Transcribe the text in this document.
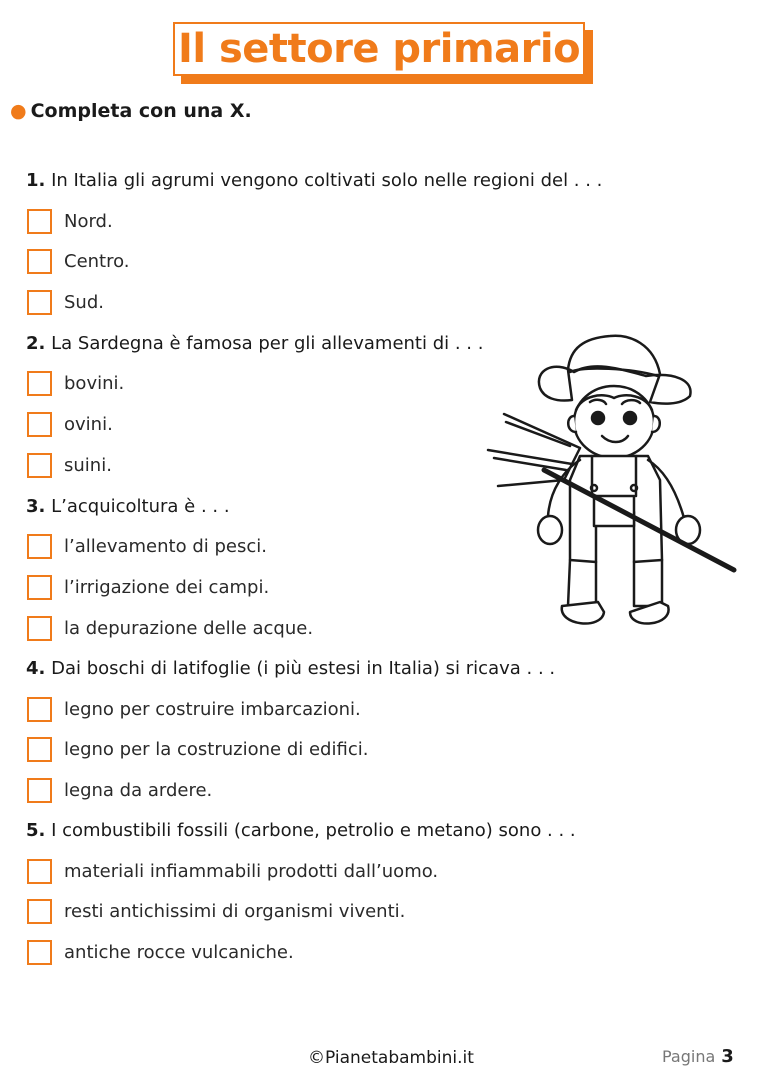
Il settore primario
● Completa con una X.
1. In Italia gli agrumi vengono coltivati solo nelle regioni del . . .
Nord.
Centro.
Sud.
2. La Sardegna è famosa per gli allevamenti di . . .
bovini.
ovini.
suini.
3. L’acquicoltura è . . .
l’allevamento di pesci.
l’irrigazione dei campi.
la depurazione delle acque.
4. Dai boschi di latifoglie (i più estesi in Italia) si ricava . . .
legno per costruire imbarcazioni.
legno per la costruzione di edifici.
legna da ardere.
5. I combustibili fossili (carbone, petrolio e metano) sono . . .
materiali infiammabili prodotti dall’uomo.
resti antichissimi di organismi viventi.
antiche rocce vulcaniche.
©Pianetabambini.it	Pagina 3
